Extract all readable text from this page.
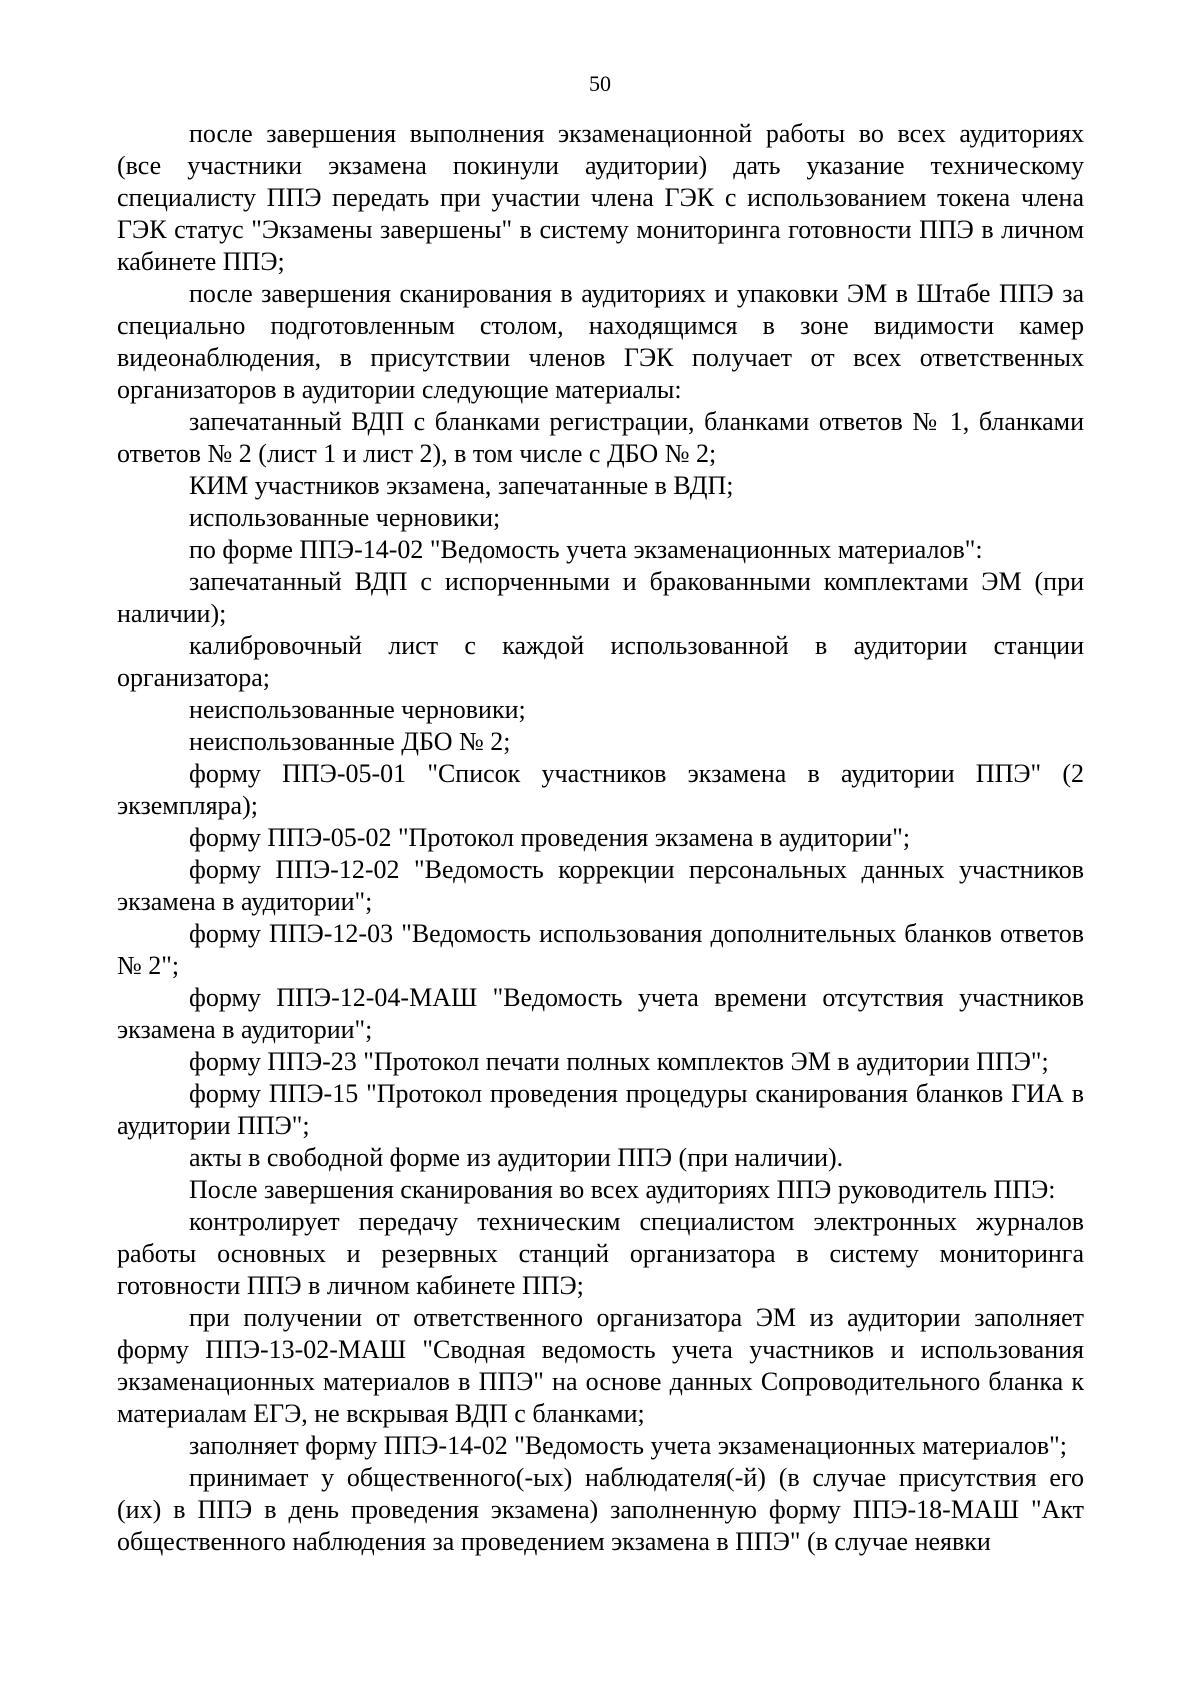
50

после завершения выполнения экзаменационной работы во всех аудиториях (все участники экзамена покинули аудитории) дать указание техническому специалисту ППЭ передать при участии члена ГЭК с использованием токена члена ГЭК статус "Экзамены завершены" в систему мониторинга готовности ППЭ в личном кабинете ППЭ;

после завершения сканирования в аудиториях и упаковки ЭМ в Штабе ППЭ за специально подготовленным столом, находящимся в зоне видимости камер видеонаблюдения, в присутствии членов ГЭК получает от всех ответственных организаторов в аудитории следующие материалы:

запечатанный ВДП с бланками регистрации, бланками ответов № 1, бланками ответов № 2 (лист 1 и лист 2), в том числе с ДБО № 2;

КИМ участников экзамена, запечатанные в ВДП;

использованные черновики;

по форме ППЭ-14-02 "Ведомость учета экзаменационных материалов":

запечатанный ВДП с испорченными и бракованными комплектами ЭМ (при наличии);

калибровочный лист с каждой использованной в аудитории станции организатора;

неиспользованные черновики;

неиспользованные ДБО № 2;

форму ППЭ-05-01 "Список участников экзамена в аудитории ППЭ" (2 экземпляра);

форму ППЭ-05-02 "Протокол проведения экзамена в аудитории";

форму ППЭ-12-02 "Ведомость коррекции персональных данных участников экзамена в аудитории";

форму ППЭ-12-03 "Ведомость использования дополнительных бланков ответов № 2";

форму ППЭ-12-04-МАШ "Ведомость учета времени отсутствия участников экзамена в аудитории";

форму ППЭ-23 "Протокол печати полных комплектов ЭМ в аудитории ППЭ";

форму ППЭ-15 "Протокол проведения процедуры сканирования бланков ГИА в аудитории ППЭ";

акты в свободной форме из аудитории ППЭ (при наличии).

После завершения сканирования во всех аудиториях ППЭ руководитель ППЭ:

контролирует передачу техническим специалистом электронных журналов работы основных и резервных станций организатора в систему мониторинга готовности ППЭ в личном кабинете ППЭ;

при получении от ответственного организатора ЭМ из аудитории заполняет форму ППЭ-13-02-МАШ "Сводная ведомость учета участников и использования экзаменационных материалов в ППЭ" на основе данных Сопроводительного бланка к материалам ЕГЭ, не вскрывая ВДП с бланками;

заполняет форму ППЭ-14-02 "Ведомость учета экзаменационных материалов";

принимает у общественного(-ых) наблюдателя(-й) (в случае присутствия его (их) в ППЭ в день проведения экзамена) заполненную форму ППЭ-18-МАШ "Акт общественного наблюдения за проведением экзамена в ППЭ" (в случае неявки
